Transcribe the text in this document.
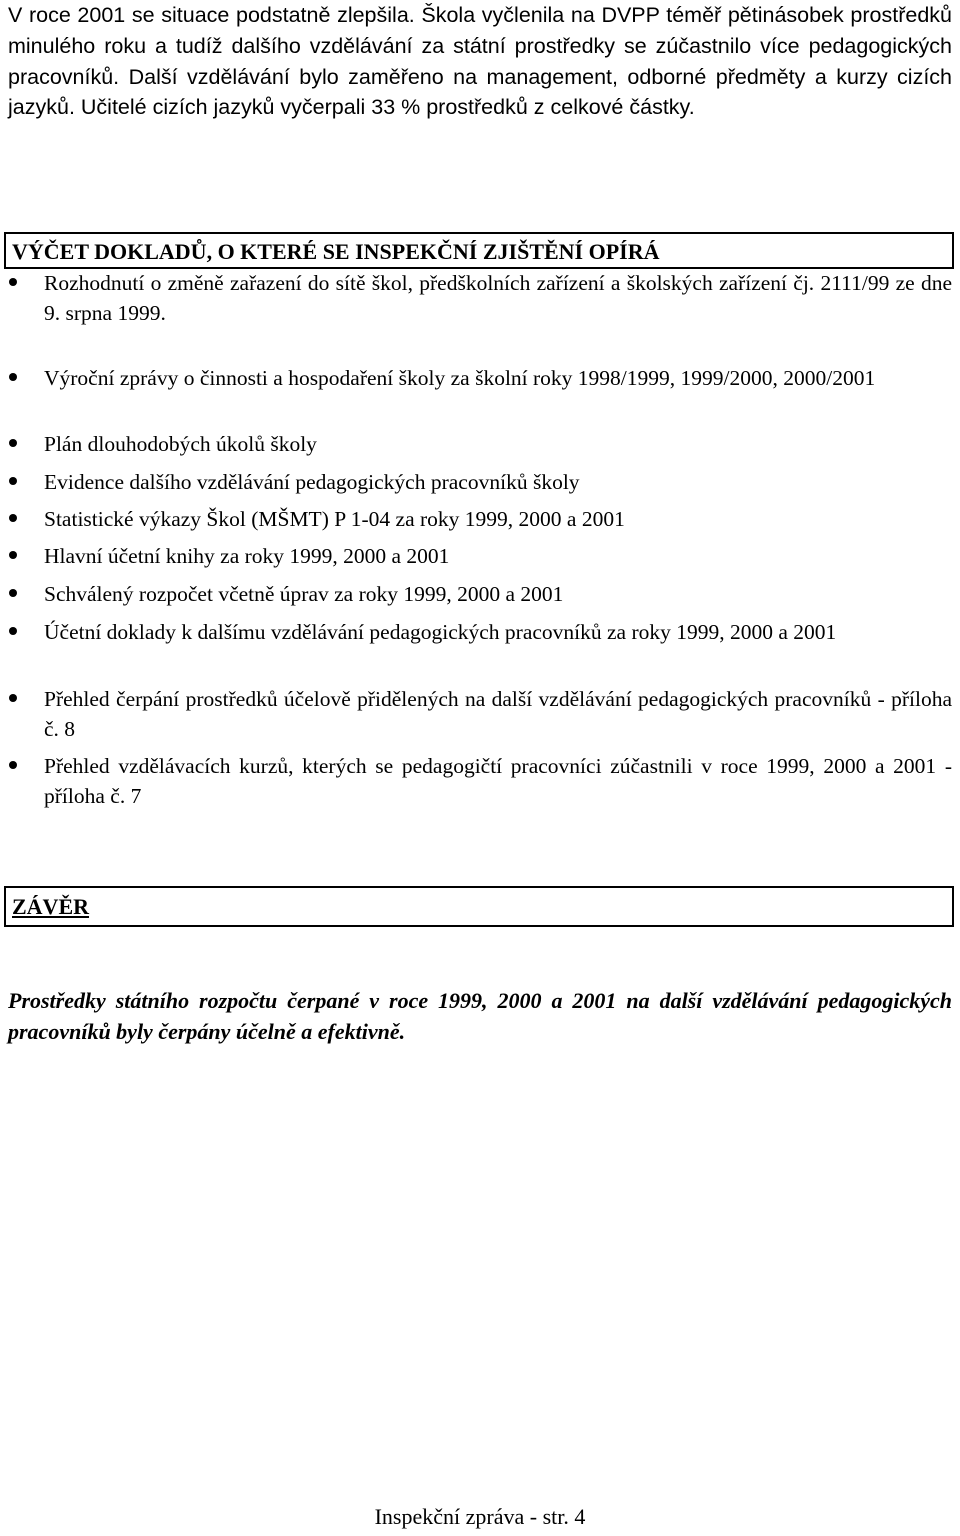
V roce 2001 se situace podstatně zlepšila. Škola vyčlenila na DVPP téměř pětinásobek prostředků minulého roku a tudíž dalšího vzdělávání za státní prostředky se zúčastnilo více pedagogických pracovníků. Další vzdělávání bylo zaměřeno na management, odborné předměty a kurzy cizích jazyků. Učitelé cizích jazyků vyčerpali 33 % prostředků z celkové částky.

VÝČET DOKLADŮ, O KTERÉ SE INSPEKČNÍ ZJIŠTĚNÍ OPÍRÁ
Rozhodnutí o změně zařazení do sítě škol, předškolních zařízení a školských zařízení čj. 2111/99 ze dne 9. srpna 1999.
Výroční zprávy o činnosti a hospodaření školy za školní roky 1998/1999, 1999/2000, 2000/2001
Plán dlouhodobých úkolů školy
Evidence dalšího vzdělávání pedagogických pracovníků školy
Statistické výkazy Škol (MŠMT) P 1-04 za roky 1999, 2000 a 2001
Hlavní účetní knihy za roky 1999, 2000 a 2001
Schválený rozpočet včetně úprav za roky 1999, 2000 a 2001
Účetní doklady k dalšímu vzdělávání pedagogických pracovníků za roky 1999, 2000 a 2001
Přehled čerpání prostředků účelově přidělených na další vzdělávání pedagogických pracovníků - příloha č. 8
Přehled vzdělávacích kurzů, kterých se pedagogičtí pracovníci zúčastnili v roce 1999, 2000 a 2001 - příloha č. 7
ZÁVĚR

Prostředky státního rozpočtu čerpané v roce 1999, 2000 a 2001 na další vzdělávání pedagogických pracovníků byly čerpány účelně a efektivně.

Inspekční zpráva - str. 4
